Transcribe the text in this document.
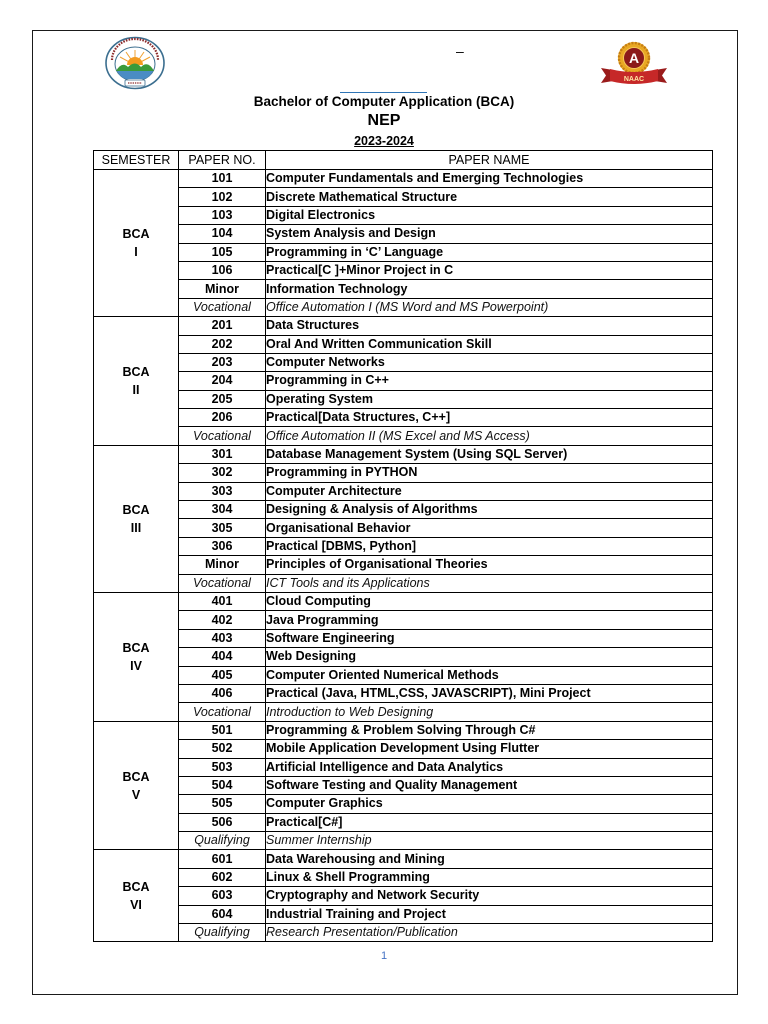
–	A
NAAC
Bachelor of Computer Application (BCA)
NEP
2023-2024
SEMESTER	PAPER NO.	PAPER NAME

BCA
I	101	Computer Fundamentals and Emerging Technologies
	102	Discrete Mathematical Structure
	103	Digital Electronics
	104	System Analysis and Design
	105	Programming in ‘C’ Language
	106	Practical[C ]+Minor Project in C
	Minor	Information Technology
	Vocational	Office Automation I (MS Word and MS Powerpoint)

BCA
II	201	Data Structures
	202	Oral And Written Communication Skill
	203	Computer Networks
	204	Programming in C++
	205	Operating System
	206	Practical[Data Structures, C++]
	Vocational	Office Automation II (MS Excel and MS Access)

BCA
III	301	Database Management System (Using SQL Server)
	302	Programming in PYTHON
	303	Computer Architecture
	304	Designing & Analysis of Algorithms
	305	Organisational Behavior
	306	Practical [DBMS, Python]
	Minor	Principles of Organisational Theories
	Vocational	ICT Tools and its Applications

BCA
IV	401	Cloud Computing
	402	Java Programming
	403	Software Engineering
	404	Web Designing
	405	Computer Oriented Numerical Methods
	406	Practical (Java, HTML,CSS, JAVASCRIPT), Mini Project
	Vocational	Introduction to Web Designing

BCA
V	501	Programming & Problem Solving Through C#
	502	Mobile Application Development Using Flutter
	503	Artificial Intelligence and Data Analytics
	504	Software Testing and Quality Management
	505	Computer Graphics
	506	Practical[C#]
	Qualifying	Summer Internship

BCA
VI	601	Data Warehousing and Mining
	602	Linux & Shell Programming
	603	Cryptography and Network Security
	604	Industrial Training and Project
	Qualifying	Research Presentation/Publication
1
